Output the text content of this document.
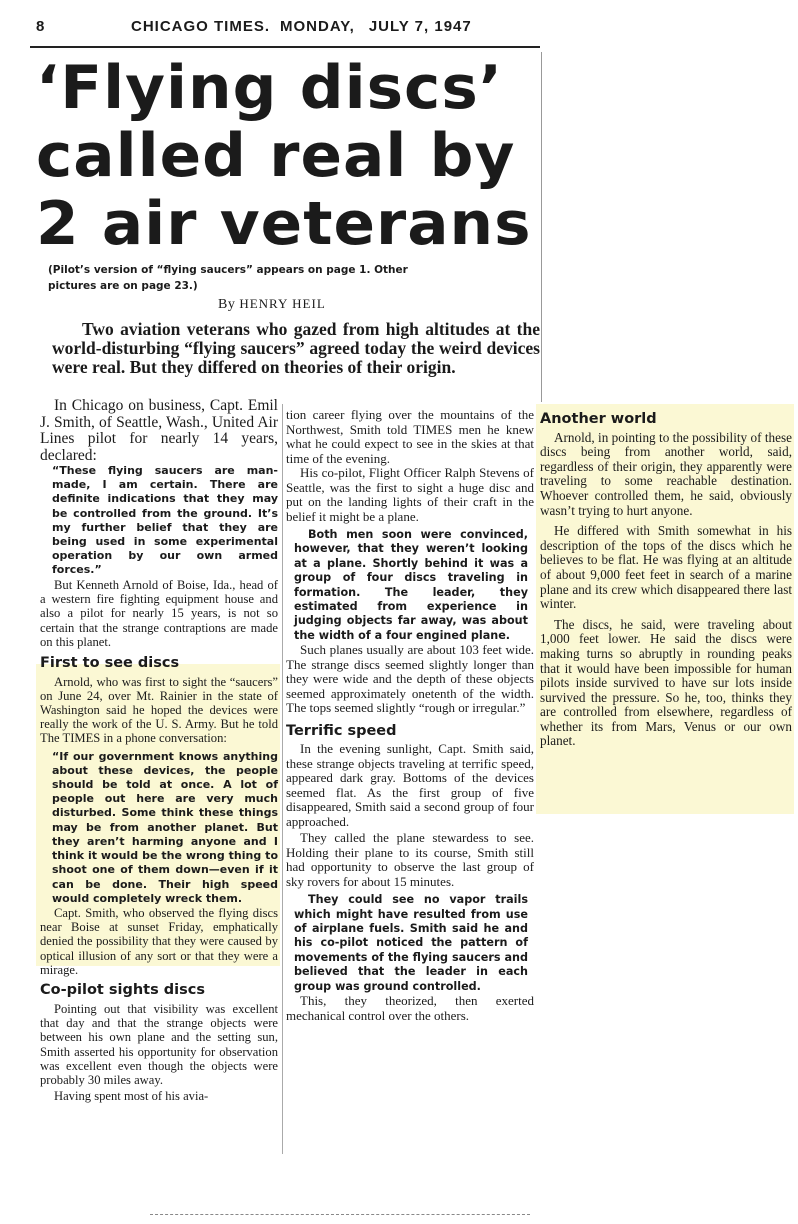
8	CHICAGO TIMES. MONDAY, JULY 7, 1947
‘Flying discs’
called real by
2 air veterans
(Pilot’s version of “flying saucers” appears on page 1. Other
pictures are on page 23.)
By HENRY HEIL
Two aviation veterans who gazed from high altitudes at the world-disturbing “flying saucers” agreed today the weird devices were real. But they differed on theories of their origin.

In Chicago on business, Capt. Emil J. Smith, of Seattle, Wash., United Air Lines pilot for nearly 14 years, declared:

“These flying saucers are man-made, I am certain. There are definite indications that they may be controlled from the ground. It’s my further belief that they are being used in some experimental operation by our own armed forces.”

But Kenneth Arnold of Boise, Ida., head of a western fire fighting equipment house and also a pilot for nearly 15 years, is not so certain that the strange contraptions are made on this planet.

First to see discs

Arnold, who was first to sight the “saucers” on June 24, over Mt. Rainier in the state of Washington said he hoped the devices were really the work of the U. S. Army. But he told The TIMES in a phone conversation:

“If our government knows anything about these devices, the people should be told at once. A lot of people out here are very much disturbed. Some think these things may be from another planet. But they aren’t harming anyone and I think it would be the wrong thing to shoot one of them down—even if it can be done. Their high speed would completely wreck them.

Capt. Smith, who observed the flying discs near Boise at sunset Friday, emphatically denied the possibility that they were caused by optical illusion of any sort or that they were a mirage.

Co-pilot sights discs

Pointing out that visibility was excellent that day and that the strange objects were between his own plane and the setting sun, Smith asserted his opportunity for observation was excellent even though the objects were probably 30 miles away.

Having spent most of his avia-

tion career flying over the mountains of the Northwest, Smith told TIMES men he knew what he could expect to see in the skies at that time of the evening.

His co-pilot, Flight Officer Ralph Stevens of Seattle, was the first to sight a huge disc and put on the landing lights of their craft in the belief it might be a plane.

Both men soon were convinced, however, that they weren’t looking at a plane. Shortly behind it was a group of four discs traveling in formation. The leader, they estimated from experience in judging objects far away, was about the width of a four engined plane.

Such planes usually are about 103 feet wide. The strange discs seemed slightly longer than they were wide and the depth of these objects seemed approximately onetenth of the width. The tops seemed slightly “rough or irregular.”

Terrific speed

In the evening sunlight, Capt. Smith said, these strange objects traveling at terrific speed, appeared dark gray. Bottoms of the devices seemed flat. As the first group of five disappeared, Smith said a second group of four approached.

They called the plane stewardess to see. Holding their plane to its course, Smith still had opportunity to observe the last group of sky rovers for about 15 minutes.

They could see no vapor trails which might have resulted from use of airplane fuels. Smith said he and his co-pilot noticed the pattern of movements of the flying saucers and believed that the leader in each group was ground controlled.

This, they theorized, then exerted mechanical control over the others.

Another world

Arnold, in pointing to the possibility of these discs being from another world, said, regardless of their origin, they apparently were traveling to some reachable destination. Whoever controlled them, he said, obviously wasn’t trying to hurt anyone.

He differed with Smith somewhat in his description of the tops of the discs which he believes to be flat. He was flying at an altitude of about 9,000 feet feet in search of a marine plane and its crew which disappeared there last winter.

The discs, he said, were traveling about 1,000 feet lower. He said the discs were making turns so abruptly in rounding peaks that it would have been impossible for human pilots inside survived to have sur lots inside survived the pressure. So he, too, thinks they are controlled from elsewhere, regardless of whether its from Mars, Venus or our own planet.
